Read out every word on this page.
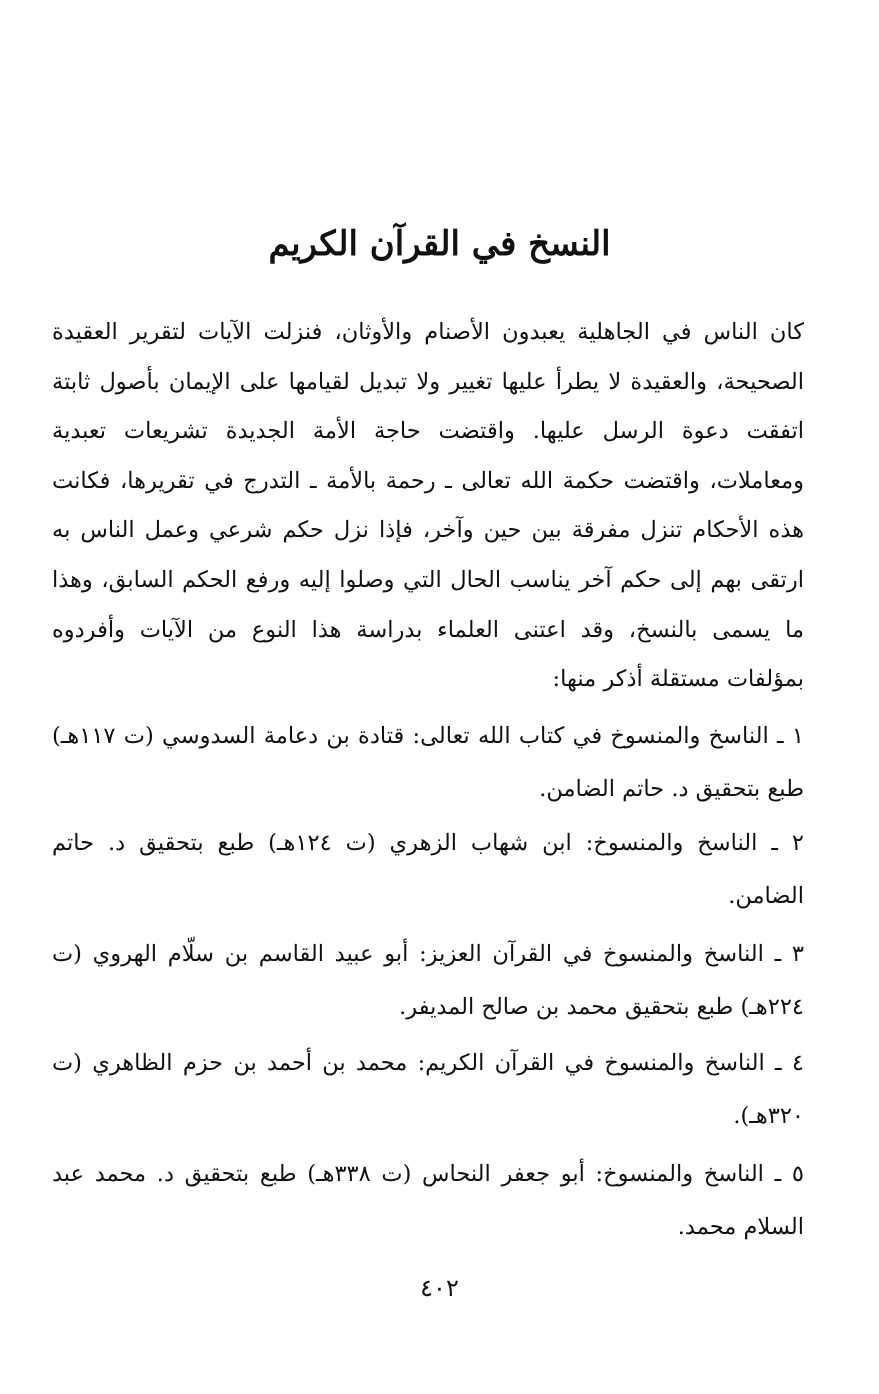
النسخ في القرآن الكريم

كان الناس في الجاهلية يعبدون الأصنام والأوثان، فنزلت الآيات لتقرير العقيدة الصحيحة، والعقيدة لا يطرأ عليها تغيير ولا تبديل لقيامها على الإيمان بأصول ثابتة اتفقت دعوة الرسل عليها. واقتضت حاجة الأمة الجديدة تشريعات تعبدية ومعاملات، واقتضت حكمة الله تعالى ـ رحمة بالأمة ـ التدرج في تقريرها، فكانت هذه الأحكام تنزل مفرقة بين حين وآخر، فإذا نزل حكم شرعي وعمل الناس به ارتقى بهم إلى حكم آخر يناسب الحال التي وصلوا إليه ورفع الحكم السابق، وهذا ما يسمى بالنسخ، وقد اعتنى العلماء بدراسة هذا النوع من الآيات وأفردوه بمؤلفات مستقلة أذكر منها:

١ ـ الناسخ والمنسوخ في كتاب الله تعالى: قتادة بن دعامة السدوسي (ت ١١٧هـ) طبع بتحقيق د. حاتم الضامن.

٢ ـ الناسخ والمنسوخ: ابن شهاب الزهري (ت ١٢٤هـ) طبع بتحقيق د. حاتم الضامن.

٣ ـ الناسخ والمنسوخ في القرآن العزيز: أبو عبيد القاسم بن سلّام الهروي (ت ٢٢٤هـ) طبع بتحقيق محمد بن صالح المديفر.

٤ ـ الناسخ والمنسوخ في القرآن الكريم: محمد بن أحمد بن حزم الظاهري (ت ٣٢٠هـ).

٥ ـ الناسخ والمنسوخ: أبو جعفر النحاس (ت ٣٣٨هـ) طبع بتحقيق د. محمد عبد السلام محمد.

٤٠٢
